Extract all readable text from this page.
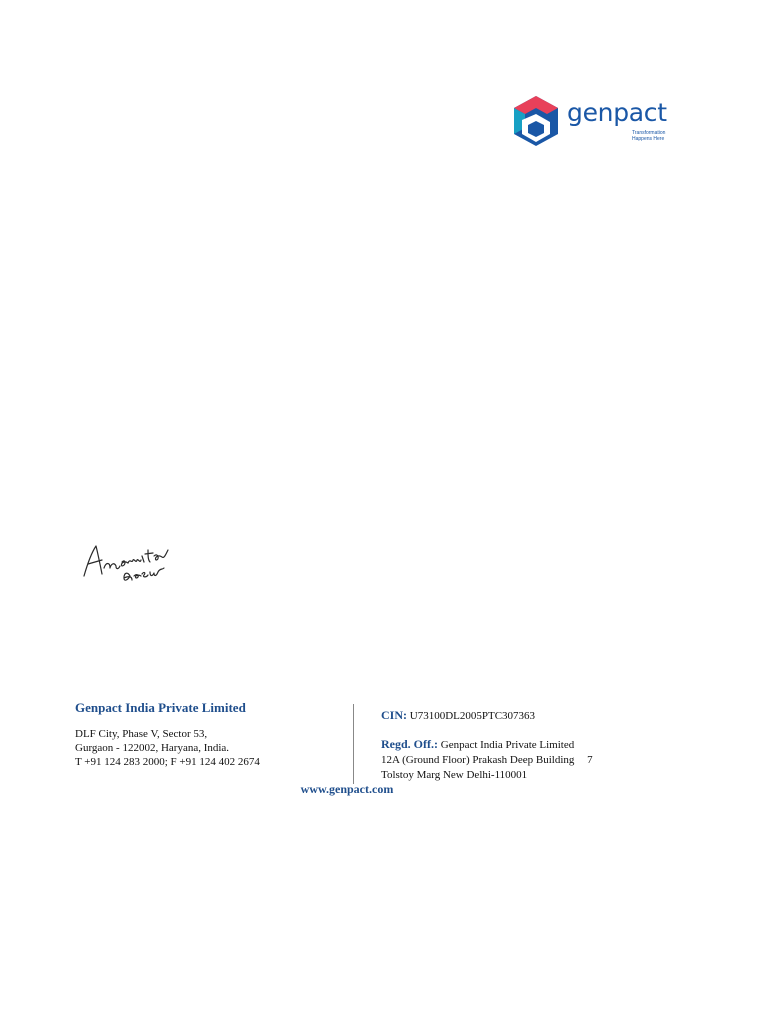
genpact
Transformation
Happens Here
Genpact India Private Limited
DLF City, Phase V, Sector 53,
Gurgaon - 122002, Haryana, India.
T +91 124 283 2000; F +91 124 402 2674
CIN: U73100DL2005PTC307363
Regd. Off.: Genpact India Private Limited
12A (Ground Floor) Prakash Deep Building 7
Tolstoy Marg New Delhi-110001
www.genpact.com
